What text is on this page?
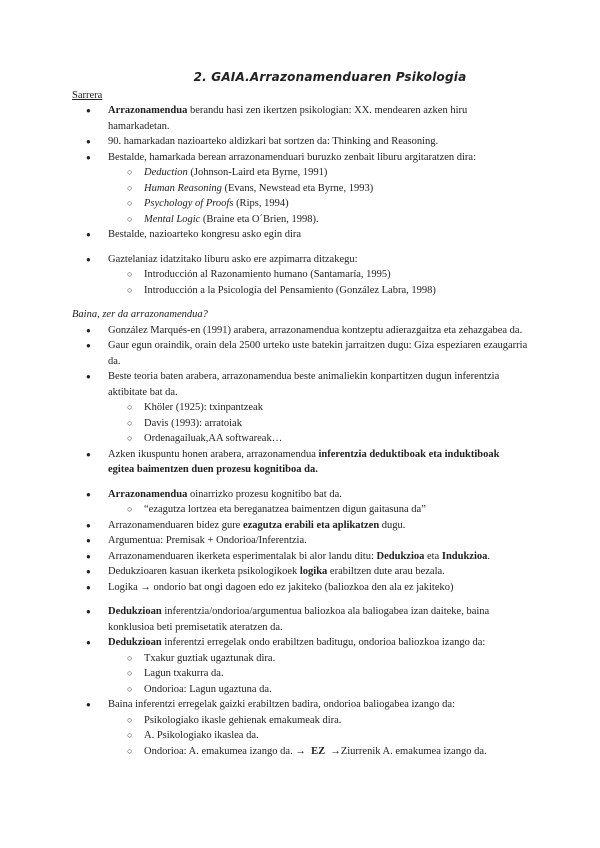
2. GAIA.Arrazonamenduaren Psikologia
Sarrera
● Arrazonamendua berandu hasi zen ikertzen psikologian: XX. mendearen azken hiru hamarkadetan.
● 90. hamarkadan nazioarteko aldizkari bat sortzen da: Thinking and Reasoning.
● Bestalde, hamarkada berean arrazonamenduari buruzko zenbait liburu argitaratzen dira:
○ Deduction (Johnson-Laird eta Byrne, 1991)
○ Human Reasoning (Evans, Newstead eta Byrne, 1993)
○ Psychology of Proofs (Rips, 1994)
○ Mental Logic (Braine eta O´Brien, 1998).
● Bestalde, nazioarteko kongresu asko egin dira
● Gaztelaniaz idatzitako liburu asko ere azpimarra ditzakegu:
○ Introducción al Razonamiento humano (Santamaría, 1995)
○ Introducción a la Psicología del Pensamiento (González Labra, 1998)
Baina, zer da arrazonamendua?
● González Marqués-en (1991) arabera, arrazonamendua kontzeptu adierazgaitza eta zehazgabea da.
● Gaur egun oraindik, orain dela 2500 urteko uste batekin jarraitzen dugu: Giza espeziaren ezaugarria da.
● Beste teoria baten arabera, arrazonamendua beste animaliekin konpartitzen dugun inferentzia aktibitate bat da.
○ Khöler (1925): txinpantzeak
○ Davis (1993): arratoiak
○ Ordenagailuak,AA softwareak…
● Azken ikuspuntu honen arabera, arrazonamendua inferentzia deduktiboak eta induktiboak egitea baimentzen duen prozesu kognitiboa da.
● Arrazonamendua oinarrizko prozesu kognitibo bat da.
○ “ezagutza lortzea eta bereganatzea baimentzen digun gaitasuna da”
● Arrazonamenduaren bidez gure ezagutza erabili eta aplikatzen dugu.
● Argumentua: Premisak + Ondorioa/Inferentzia.
● Arrazonamenduaren ikerketa esperimentalak bi alor landu ditu: Dedukzioa eta Indukzioa.
● Dedukzioaren kasuan ikerketa psikologikoek logika erabiltzen dute arau bezala.
● Logika → ondorio bat ongi dagoen edo ez jakiteko (baliozkoa den ala ez jakiteko)
● Dedukzioan inferentzia/ondorioa/argumentua baliozkoa ala baliogabea izan daiteke, baina konklusioa beti premisetatik ateratzen da.
● Dedukzioan inferentzi erregelak ondo erabiltzen baditugu, ondorioa baliozkoa izango da:
○ Txakur guztiak ugaztunak dira.
○ Lagun txakurra da.
○ Ondorioa: Lagun ugaztuna da.
● Baina inferentzi erregelak gaizki erabiltzen badira, ondorioa baliogabea izango da:
○ Psikologiako ikasle gehienak emakumeak dira.
○ A. Psikologiako ikaslea da.
○ Ondorioa: A. emakumea izango da. → EZ →Ziurrenik A. emakumea izango da.
